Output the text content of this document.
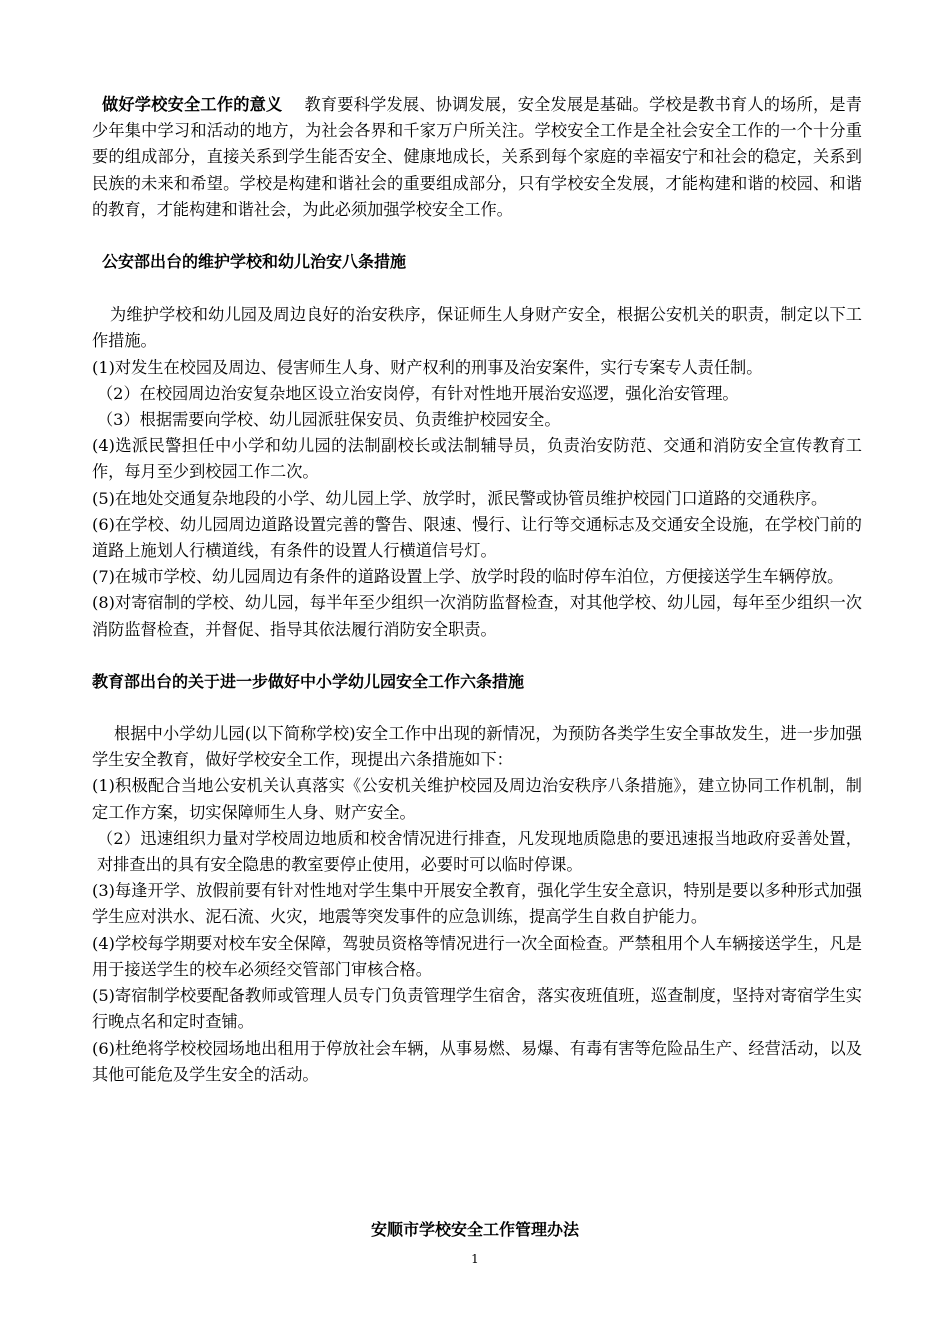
做好学校安全工作的意义 教育要科学发展、协调发展，安全发展是基础。学校是教书育人的场所，是青少年集中学习和活动的地方，为社会各界和千家万户所关注。学校安全工作是全社会安全工作的一个十分重要的组成部分，直接关系到学生能否安全、健康地成长，关系到每个家庭的幸福安宁和社会的稳定，关系到民族的未来和希望。学校是构建和谐社会的重要组成部分，只有学校安全发展，才能构建和谐的校园、和谐的教育，才能构建和谐社会，为此必须加强学校安全工作。

公安部出台的维护学校和幼儿治安八条措施

为维护学校和幼儿园及周边良好的治安秩序，保证师生人身财产安全，根据公安机关的职责，制定以下工作措施。

(1)对发生在校园及周边、侵害师生人身、财产权利的刑事及治安案件，实行专案专人责任制。

（2）在校园周边治安复杂地区设立治安岗停，有针对性地开展治安巡逻，强化治安管理。

（3）根据需要向学校、幼儿园派驻保安员、负责维护校园安全。

(4)选派民警担任中小学和幼儿园的法制副校长或法制辅导员，负责治安防范、交通和消防安全宣传教育工作，每月至少到校园工作二次。

(5)在地处交通复杂地段的小学、幼儿园上学、放学时，派民警或协管员维护校园门口道路的交通秩序。

(6)在学校、幼儿园周边道路设置完善的警告、限速、慢行、让行等交通标志及交通安全设施，在学校门前的道路上施划人行横道线，有条件的设置人行横道信号灯。

(7)在城市学校、幼儿园周边有条件的道路设置上学、放学时段的临时停车泊位，方便接送学生车辆停放。

(8)对寄宿制的学校、幼儿园，每半年至少组织一次消防监督检查，对其他学校、幼儿园，每年至少组织一次消防监督检查，并督促、指导其依法履行消防安全职责。

教育部出台的关于进一步做好中小学幼儿园安全工作六条措施

根据中小学幼儿园(以下简称学校)安全工作中出现的新情况，为预防各类学生安全事故发生，进一步加强学生安全教育，做好学校安全工作，现提出六条措施如下：

(1)积极配合当地公安机关认真落实《公安机关维护校园及周边治安秩序八条措施》，建立协同工作机制，制定工作方案，切实保障师生人身、财产安全。

（2）迅速组织力量对学校周边地质和校舍情况进行排查，凡发现地质隐患的要迅速报当地政府妥善处置，对排查出的具有安全隐患的教室要停止使用，必要时可以临时停课。

(3)每逢开学、放假前要有针对性地对学生集中开展安全教育，强化学生安全意识，特别是要以多种形式加强学生应对洪水、泥石流、火灾，地震等突发事件的应急训练，提高学生自救自护能力。

(4)学校每学期要对校车安全保障，驾驶员资格等情况进行一次全面检查。严禁租用个人车辆接送学生，凡是用于接送学生的校车必须经交管部门审核合格。

(5)寄宿制学校要配备教师或管理人员专门负责管理学生宿舍，落实夜班值班，巡查制度，坚持对寄宿学生实行晚点名和定时查铺。

(6)杜绝将学校校园场地出租用于停放社会车辆，从事易燃、易爆、有毒有害等危险品生产、经营活动，以及其他可能危及学生安全的活动。

安顺市学校安全工作管理办法
1
